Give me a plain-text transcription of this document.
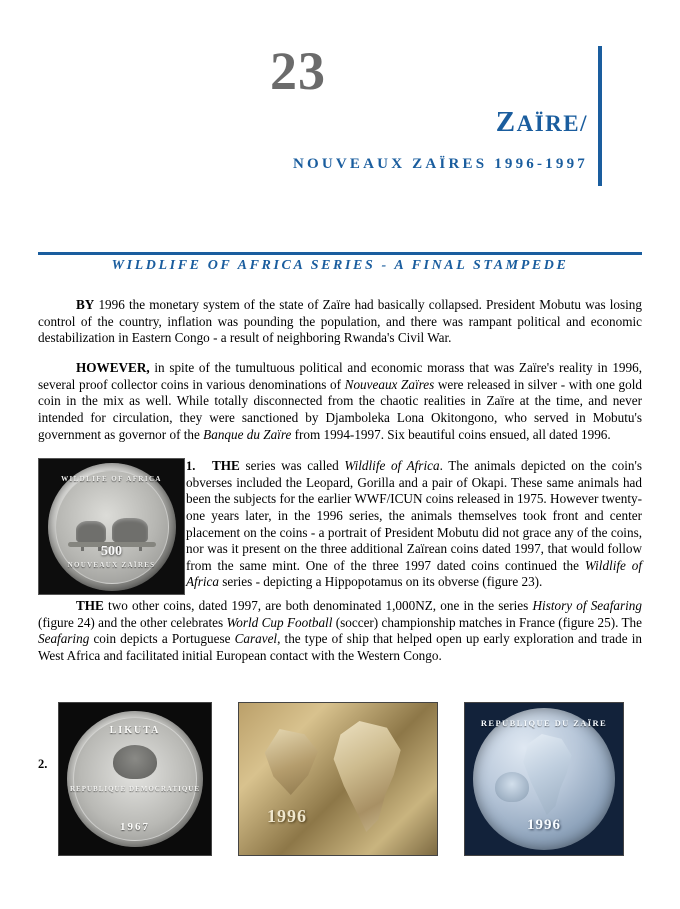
23
ZAÏRE/
NOUVEAUX ZAÏRES 1996-1997
WILDLIFE OF AFRICA SERIES - A FINAL STAMPEDE
BY 1996 the monetary system of the state of Zaïre had basically collapsed. President Mobutu was losing control of the country, inflation was pounding the population, and there was rampant political and economic destabilization in Eastern Congo - a result of neighboring Rwanda's Civil War.
HOWEVER, in spite of the tumultuous political and economic morass that was Zaïre's reality in 1996, several proof collector coins in various denominations of Nouveaux Zaïres were released in silver - with one gold coin in the mix as well. While totally disconnected from the chaotic realities in Zaïre at the time, and never intended for circulation, they were sanctioned by Djamboleka Lona Okitongono, who served in Mobutu's government as governor of the Banque du Zaïre from 1994-1997. Six beautiful coins ensued, all dated 1996.
WILDLIFE OF AFRICA
500
NOUVEAUX ZAÏRES
1.	THE series was called Wildlife of Africa. The animals depicted on the coin's obverses included the Leopard, Gorilla and a pair of Okapi. These same animals had been the subjects for the earlier WWF/ICUN coins released in 1975. However twenty-one years later, in the 1996 series, the animals themselves took front and center placement on the coins - a portrait of President Mobutu did not grace any of the coins, nor was it present on the three additional Zaïrean coins dated 1997, that would follow from the same mint. One of the three 1997 dated coins continued the Wildlife of Africa series - depicting a Hippopotamus on its obverse (figure 23).
THE two other coins, dated 1997, are both denominated 1,000NZ, one in the series History of Seafaring (figure 24) and the other celebrates World Cup Football (soccer) championship matches in France (figure 25). The Seafaring coin depicts a Portuguese Caravel, the type of ship that helped open up early exploration and trade in West Africa and facilitated initial European contact with the Western Congo.
2.
LIKUTA
REPUBLIQUE DEMOCRATIQUE
1967
1996
REPUBLIQUE DU ZAÏRE
1996
